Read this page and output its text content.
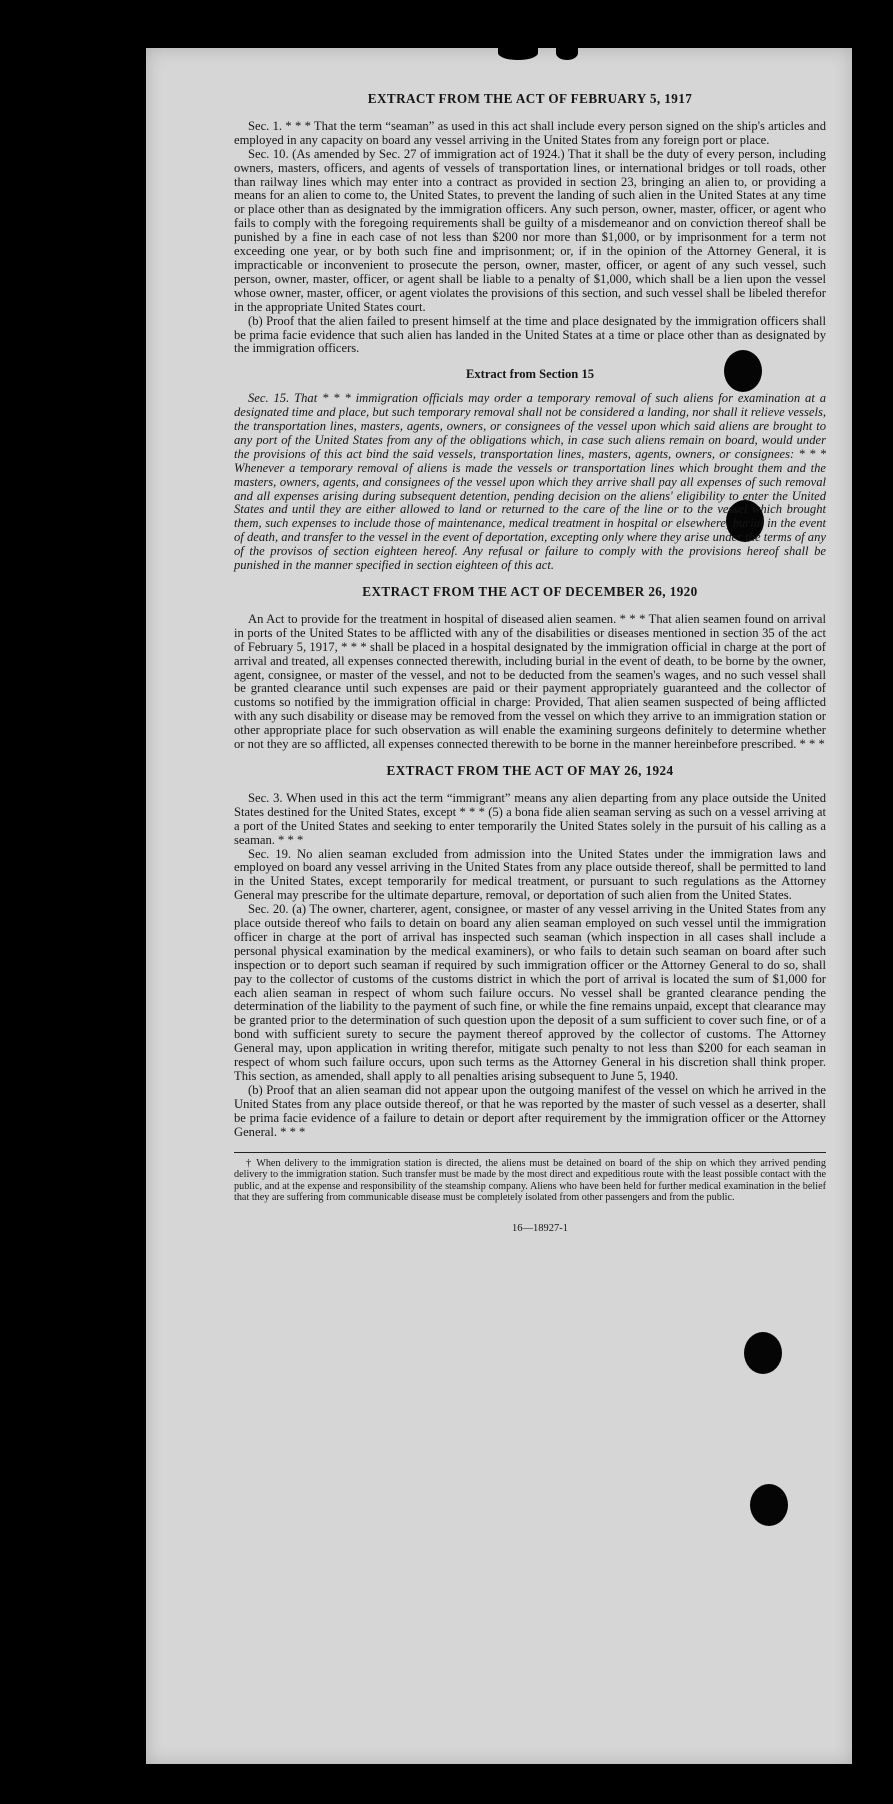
EXTRACT FROM THE ACT OF FEBRUARY 5, 1917

Sec. 1. * * * That the term “seaman” as used in this act shall include every person signed on the ship's articles and employed in any capacity on board any vessel arriving in the United States from any foreign port or place.

Sec. 10. (As amended by Sec. 27 of immigration act of 1924.) That it shall be the duty of every person, including owners, masters, officers, and agents of vessels of transportation lines, or international bridges or toll roads, other than railway lines which may enter into a contract as provided in section 23, bringing an alien to, or providing a means for an alien to come to, the United States, to prevent the landing of such alien in the United States at any time or place other than as designated by the immigration officers. Any such person, owner, master, officer, or agent who fails to comply with the foregoing requirements shall be guilty of a misdemeanor and on conviction thereof shall be punished by a fine in each case of not less than $200 nor more than $1,000, or by imprisonment for a term not exceeding one year, or by both such fine and imprisonment; or, if in the opinion of the Attorney General, it is impracticable or inconvenient to prosecute the person, owner, master, officer, or agent of any such vessel, such person, owner, master, officer, or agent shall be liable to a penalty of $1,000, which shall be a lien upon the vessel whose owner, master, officer, or agent violates the provisions of this section, and such vessel shall be libeled therefor in the appropriate United States court.

(b) Proof that the alien failed to present himself at the time and place designated by the immigration officers shall be prima facie evidence that such alien has landed in the United States at a time or place other than as designated by the immigration officers.

Extract from Section 15

Sec. 15. That * * * immigration officials may order a temporary removal of such aliens for examination at a designated time and place, but such temporary removal shall not be considered a landing, nor shall it relieve vessels, the transportation lines, masters, agents, owners, or consignees of the vessel upon which said aliens are brought to any port of the United States from any of the obligations which, in case such aliens remain on board, would under the provisions of this act bind the said vessels, transportation lines, masters, agents, owners, or consignees: * * * Whenever a temporary removal of aliens is made the vessels or transportation lines which brought them and the masters, owners, agents, and consignees of the vessel upon which they arrive shall pay all expenses of such removal and all expenses arising during subsequent detention, pending decision on the aliens' eligibility to enter the United States and until they are either allowed to land or returned to the care of the line or to the vessel which brought them, such expenses to include those of maintenance, medical treatment in hospital or elsewhere, burial in the event of death, and transfer to the vessel in the event of deportation, excepting only where they arise under the terms of any of the provisos of section eighteen hereof. Any refusal or failure to comply with the provisions hereof shall be punished in the manner specified in section eighteen of this act.

EXTRACT FROM THE ACT OF DECEMBER 26, 1920

An Act to provide for the treatment in hospital of diseased alien seamen. * * * That alien seamen found on arrival in ports of the United States to be afflicted with any of the disabilities or diseases mentioned in section 35 of the act of February 5, 1917, * * * shall be placed in a hospital designated by the immigration official in charge at the port of arrival and treated, all expenses connected therewith, including burial in the event of death, to be borne by the owner, agent, consignee, or master of the vessel, and not to be deducted from the seamen's wages, and no such vessel shall be granted clearance until such expenses are paid or their payment appropriately guaranteed and the collector of customs so notified by the immigration official in charge: Provided, That alien seamen suspected of being afflicted with any such disability or disease may be removed from the vessel on which they arrive to an immigration station or other appropriate place for such observation as will enable the examining surgeons definitely to determine whether or not they are so afflicted, all expenses connected therewith to be borne in the manner hereinbefore prescribed. * * *

EXTRACT FROM THE ACT OF MAY 26, 1924

Sec. 3. When used in this act the term “immigrant” means any alien departing from any place outside the United States destined for the United States, except * * * (5) a bona fide alien seaman serving as such on a vessel arriving at a port of the United States and seeking to enter temporarily the United States solely in the pursuit of his calling as a seaman. * * *

Sec. 19. No alien seaman excluded from admission into the United States under the immigration laws and employed on board any vessel arriving in the United States from any place outside thereof, shall be permitted to land in the United States, except temporarily for medical treatment, or pursuant to such regulations as the Attorney General may prescribe for the ultimate departure, removal, or deportation of such alien from the United States.

Sec. 20. (a) The owner, charterer, agent, consignee, or master of any vessel arriving in the United States from any place outside thereof who fails to detain on board any alien seaman employed on such vessel until the immigration officer in charge at the port of arrival has inspected such seaman (which inspection in all cases shall include a personal physical examination by the medical examiners), or who fails to detain such seaman on board after such inspection or to deport such seaman if required by such immigration officer or the Attorney General to do so, shall pay to the collector of customs of the customs district in which the port of arrival is located the sum of $1,000 for each alien seaman in respect of whom such failure occurs. No vessel shall be granted clearance pending the determination of the liability to the payment of such fine, or while the fine remains unpaid, except that clearance may be granted prior to the determination of such question upon the deposit of a sum sufficient to cover such fine, or of a bond with sufficient surety to secure the payment thereof approved by the collector of customs. The Attorney General may, upon application in writing therefor, mitigate such penalty to not less than $200 for each seaman in respect of whom such failure occurs, upon such terms as the Attorney General in his discretion shall think proper. This section, as amended, shall apply to all penalties arising subsequent to June 5, 1940.

(b) Proof that an alien seaman did not appear upon the outgoing manifest of the vessel on which he arrived in the United States from any place outside thereof, or that he was reported by the master of such vessel as a deserter, shall be prima facie evidence of a failure to detain or deport after requirement by the immigration officer or the Attorney General. * * *

† When delivery to the immigration station is directed, the aliens must be detained on board of the ship on which they arrived pending delivery to the immigration station. Such transfer must be made by the most direct and expeditious route with the least possible contact with the public, and at the expense and responsibility of the steamship company. Aliens who have been held for further medical examination in the belief that they are suffering from communicable disease must be completely isolated from other passengers and from the public.

16—18927-1
